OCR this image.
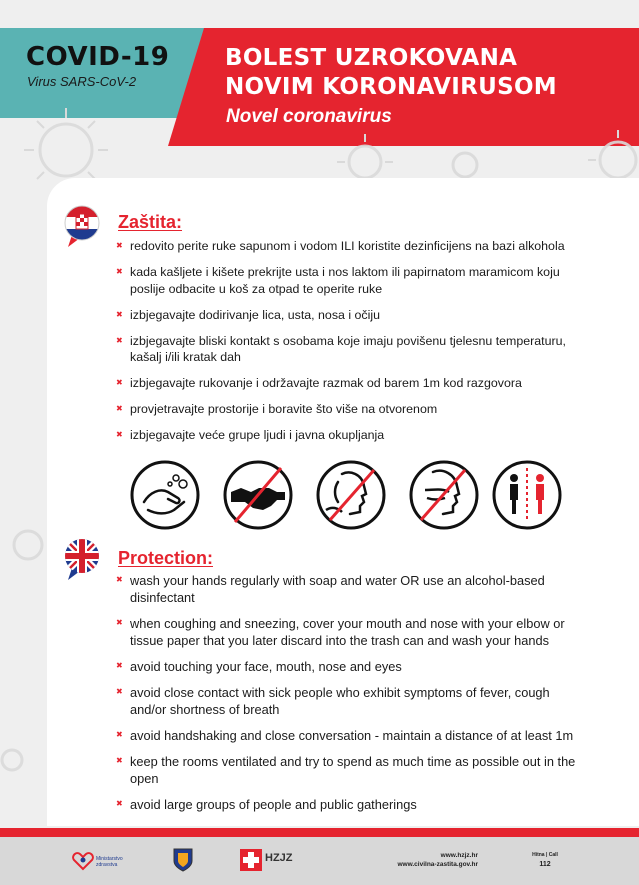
COVID-19
Virus SARS-CoV-2
BOLEST UZROKOVANA
NOVIM KORONAVIRUSOM
Novel coronavirus
Zaštita:
✖ redovito perite ruke sapunom i vodom ILI koristite dezinficijens na bazi alkohola
✖ kada kašljete i kišete prekrijte usta i nos laktom ili papirnatom maramicom koju poslije odbacite u koš za otpad te operite ruke
✖ izbjegavajte dodirivanje lica, usta, nosa i očiju
✖ izbjegavajte bliski kontakt s osobama koje imaju povišenu tjelesnu temperaturu, kašalj i/ili kratak dah
✖ izbjegavajte rukovanje i održavajte razmak od barem 1m kod razgovora
✖ provjetravajte prostorije i boravite što više na otvorenom
✖ izbjegavajte veće grupe ljudi i javna okupljanja
Protection:
✖ wash your hands regularly with soap and water OR use an alcohol-based disinfectant
✖ when coughing and sneezing, cover your mouth and nose with your elbow or tissue paper that you later discard into the trash can and wash your hands
✖ avoid touching your face, mouth, nose and eyes
✖ avoid close contact with sick people who exhibit symptoms of fever, cough and/or shortness of breath
✖ avoid handshaking and close conversation - maintain a distance of at least 1m
✖ keep the rooms ventilated and try to spend as much time as possible out in the open
✖ avoid large groups of people and public gatherings
Ministarstvo zdravstva
HZJZ	www.hzjz.hr
www.civilna-zastita.gov.hr
Hitna | Call
112
